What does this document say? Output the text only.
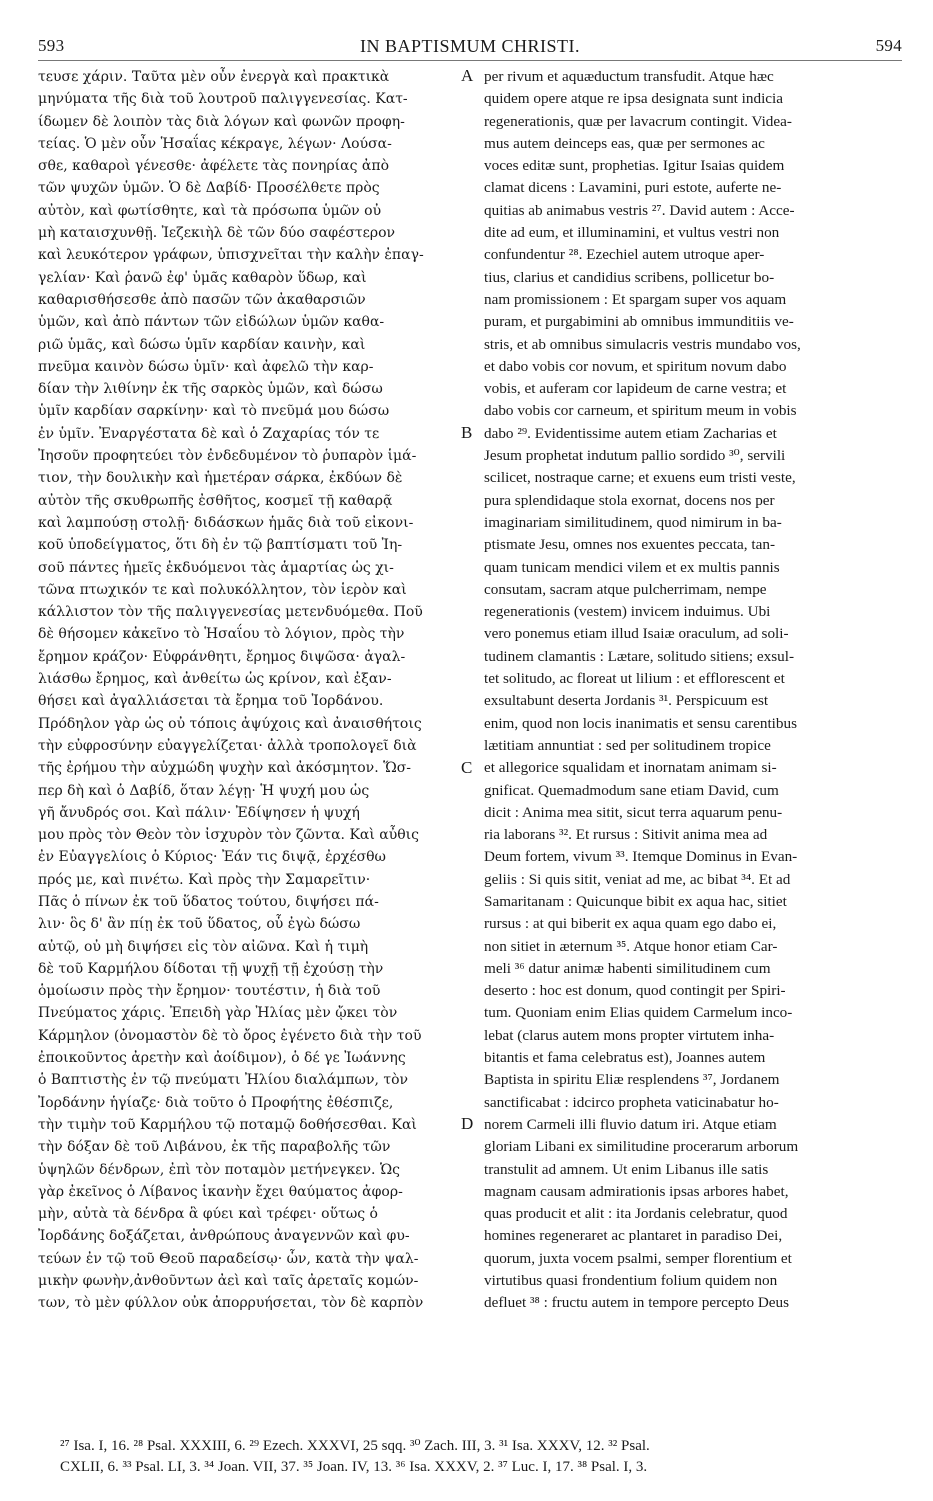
593	IN BAPTISMUM CHRISTI.	594
τευσε χάριν. Ταῦτα μὲν οὖν ἐνεργὰ καὶ πρακτικὰ
μηνύματα τῆς διὰ τοῦ λουτροῦ παλιγγενεσίας. Κατ-
ίδωμεν δὲ λοιπὸν τὰς διὰ λόγων καὶ φωνῶν προφη-
τείας. Ὁ μὲν οὖν Ἡσαΐας κέκραγε, λέγων· Λούσα-
σθε, καθαροὶ γένεσθε· ἀφέλετε τὰς πονηρίας ἀπὸ
τῶν ψυχῶν ὑμῶν. Ὁ δὲ Δαβίδ· Προσέλθετε πρὸς
αὐτὸν, καὶ φωτίσθητε, καὶ τὰ πρόσωπα ὑμῶν οὐ
μὴ καταισχυνθῇ. Ἰεζεκιὴλ δὲ τῶν δύο σαφέστερον
καὶ λευκότερον γράφων, ὑπισχνεῖται τὴν καλὴν ἐπαγ-
γελίαν· Καὶ ῥανῶ ἐφ' ὑμᾶς καθαρὸν ὕδωρ, καὶ
καθαρισθήσεσθε ἀπὸ πασῶν τῶν ἀκαθαρσιῶν
ὑμῶν, καὶ ἀπὸ πάντων τῶν εἰδώλων ὑμῶν καθα-
ριῶ ὑμᾶς, καὶ δώσω ὑμῖν καρδίαν καινὴν, καὶ
πνεῦμα καινὸν δώσω ὑμῖν· καὶ ἀφελῶ τὴν καρ-
δίαν τὴν λιθίνην ἐκ τῆς σαρκὸς ὑμῶν, καὶ δώσω
ὑμῖν καρδίαν σαρκίνην· καὶ τὸ πνεῦμά μου δώσω
ἐν ὑμῖν. Ἐναργέστατα δὲ καὶ ὁ Ζαχαρίας τόν τε
Ἰησοῦν προφητεύει τὸν ἐνδεδυμένον τὸ ῥυπαρὸν ἱμά-
τιον, τὴν δουλικὴν καὶ ἡμετέραν σάρκα, ἐκδύων δὲ
αὐτὸν τῆς σκυθρωπῆς ἐσθῆτος, κοσμεῖ τῇ καθαρᾷ
καὶ λαμπούσῃ στολῇ· διδάσκων ἡμᾶς διὰ τοῦ εἰκονι-
κοῦ ὑποδείγματος, ὅτι δὴ ἐν τῷ βαπτίσματι τοῦ Ἰη-
σοῦ πάντες ἡμεῖς ἐκδυόμενοι τὰς ἁμαρτίας ὡς χι-
τῶνα πτωχικόν τε καὶ πολυκόλλητον, τὸν ἱερὸν καὶ
κάλλιστον τὸν τῆς παλιγγενεσίας μετενδυόμεθα. Ποῦ
δὲ θήσομεν κἀκεῖνο τὸ Ἡσαΐου τὸ λόγιον, πρὸς τὴν
ἔρημον κράζον· Εὐφράνθητι, ἔρημος διψῶσα· ἀγαλ-
λιάσθω ἔρημος, καὶ ἀνθείτω ὡς κρίνον, καὶ ἐξαν-
θήσει καὶ ἀγαλλιάσεται τὰ ἔρημα τοῦ Ἰορδάνου.
Πρόδηλον γὰρ ὡς οὐ τόποις ἀψύχοις καὶ ἀναισθήτοις
τὴν εὐφροσύνην εὐαγγελίζεται· ἀλλὰ τροπολογεῖ διὰ
τῆς ἐρήμου τὴν αὐχμώδη ψυχὴν καὶ ἀκόσμητον. Ὥσ-
περ δὴ καὶ ὁ Δαβίδ, ὅταν λέγῃ· Ἡ ψυχή μου ὡς
γῆ ἄνυδρός σοι. Καὶ πάλιν· Ἐδίψησεν ἡ ψυχή
μου πρὸς τὸν Θεὸν τὸν ἰσχυρὸν τὸν ζῶντα. Καὶ αὖθις
ἐν Εὐαγγελίοις ὁ Κύριος· Ἐάν τις διψᾷ, ἐρχέσθω
πρός με, καὶ πινέτω. Καὶ πρὸς τὴν Σαμαρεῖτιν·
Πᾶς ὁ πίνων ἐκ τοῦ ὕδατος τούτου, διψήσει πά-
λιν· ὃς δ' ἂν πίῃ ἐκ τοῦ ὕδατος, οὗ ἐγὼ δώσω
αὐτῷ, οὐ μὴ διψήσει εἰς τὸν αἰῶνα. Καὶ ἡ τιμὴ
δὲ τοῦ Καρμήλου δίδοται τῇ ψυχῇ τῇ ἐχούσῃ τὴν
ὁμοίωσιν πρὸς τὴν ἔρημον· τουτέστιν, ἡ διὰ τοῦ
Πνεύματος χάρις. Ἐπειδὴ γὰρ Ἠλίας μὲν ᾤκει τὸν
Κάρμηλον (ὀνομαστὸν δὲ τὸ ὄρος ἐγένετο διὰ τὴν τοῦ
ἐποικοῦντος ἀρετὴν καὶ ἀοίδιμον), ὁ δέ γε Ἰωάννης
ὁ Βαπτιστὴς ἐν τῷ πνεύματι Ἠλίου διαλάμπων, τὸν
Ἰορδάνην ἡγίαζε· διὰ τοῦτο ὁ Προφήτης ἐθέσπιζε,
τὴν τιμὴν τοῦ Καρμήλου τῷ ποταμῷ δοθήσεσθαι. Καὶ
τὴν δόξαν δὲ τοῦ Λιβάνου, ἐκ τῆς παραβολῆς τῶν
ὑψηλῶν δένδρων, ἐπὶ τὸν ποταμὸν μετήνεγκεν. Ὡς
γὰρ ἐκεῖνος ὁ Λίβανος ἱκανὴν ἔχει θαύματος ἀφορ-
μὴν, αὐτὰ τὰ δένδρα ἃ φύει καὶ τρέφει· οὕτως ὁ
Ἰορδάνης δοξάζεται, ἀνθρώπους ἀναγεννῶν καὶ φυ-
τεύων ἐν τῷ τοῦ Θεοῦ παραδείσῳ· ὧν, κατὰ τὴν ψαλ-
μικὴν φωνὴν,ἀνθοῦντων ἀεὶ καὶ ταῖς ἀρεταῖς κομών-
των, τὸ μὲν φύλλον οὐκ ἀπορρυήσεται, τὸν δὲ καρπὸν
per rivum et aquæductum transfudit. Atque hæc
quidem opere atque re ipsa designata sunt indicia
regenerationis, quæ per lavacrum contingit. Videa-
mus autem deinceps eas, quæ per sermones ac
voces editæ sunt, prophetias. Igitur Isaias quidem
clamat dicens : Lavamini, puri estote, auferte ne-
quitias ab animabus vestris ²⁷. David autem : Acce-
dite ad eum, et illuminamini, et vultus vestri non
confundentur ²⁸. Ezechiel autem utroque aper-
tius, clarius et candidius scribens, pollicetur bo-
nam promissionem : Et spargam super vos aquam
puram, et purgabimini ab omnibus immunditiis ve-
stris, et ab omnibus simulacris vestris mundabo vos,
et dabo vobis cor novum, et spiritum novum dabo
vobis, et auferam cor lapideum de carne vestra; et
dabo vobis cor carneum, et spiritum meum in vobis
dabo ²⁹. Evidentissime autem etiam Zacharias et
Jesum prophetat indutum pallio sordido ³⁰, servili
scilicet, nostraque carne; et exuens eum tristi veste,
pura splendidaque stola exornat, docens nos per
imaginariam similitudinem, quod nimirum in ba-
ptismate Jesu, omnes nos exuentes peccata, tan-
quam tunicam mendici vilem et ex multis pannis
consutam, sacram atque pulcherrimam, nempe
regenerationis (vestem) invicem induimus. Ubi
vero ponemus etiam illud Isaiæ oraculum, ad soli-
tudinem clamantis : Lætare, solitudo sitiens; exsul-
tet solitudo, ac floreat ut lilium : et efflorescent et
exsultabunt deserta Jordanis ³¹. Perspicuum est
enim, quod non locis inanimatis et sensu carentibus
lætitiam annuntiat : sed per solitudinem tropice
et allegorice squalidam et inornatam animam si-
gnificat. Quemadmodum sane etiam David, cum
dicit : Anima mea sitit, sicut terra aquarum penu-
ria laborans ³². Et rursus : Sitivit anima mea ad
Deum fortem, vivum ³³. Itemque Dominus in Evan-
geliis : Si quis sitit, veniat ad me, ac bibat ³⁴. Et ad
Samaritanam : Quicunque bibit ex aqua hac, sitiet
rursus : at qui biberit ex aqua quam ego dabo ei,
non sitiet in æternum ³⁵. Atque honor etiam Car-
meli ³⁶ datur animæ habenti similitudinem cum
deserto : hoc est donum, quod contingit per Spiri-
tum. Quoniam enim Elias quidem Carmelum inco-
lebat (clarus autem mons propter virtutem inha-
bitantis et fama celebratus est), Joannes autem
Baptista in spiritu Eliæ resplendens ³⁷, Jordanem
sanctificabat : idcirco propheta vaticinabatur ho-
norem Carmeli illi fluvio datum iri. Atque etiam
gloriam Libani ex similitudine procerarum arborum
transtulit ad amnem. Ut enim Libanus ille satis
magnam causam admirationis ipsas arbores habet,
quas producit et alit : ita Jordanis celebratur, quod
homines regeneraret ac plantaret in paradiso Dei,
quorum, juxta vocem psalmi, semper florentium et
virtutibus quasi frondentium folium quidem non
defluet ³⁸ : fructu autem in tempore percepto Deus
A
B
C
D
²⁷ Isa. I, 16. ²⁸ Psal. XXXIII, 6. ²⁹ Ezech. XXXVI, 25 sqq. ³⁰ Zach. III, 3. ³¹ Isa. XXXV, 12. ³² Psal.
CXLII, 6. ³³ Psal. LI, 3. ³⁴ Joan. VII, 37. ³⁵ Joan. IV, 13. ³⁶ Isa. XXXV, 2. ³⁷ Luc. I, 17. ³⁸ Psal. I, 3.
